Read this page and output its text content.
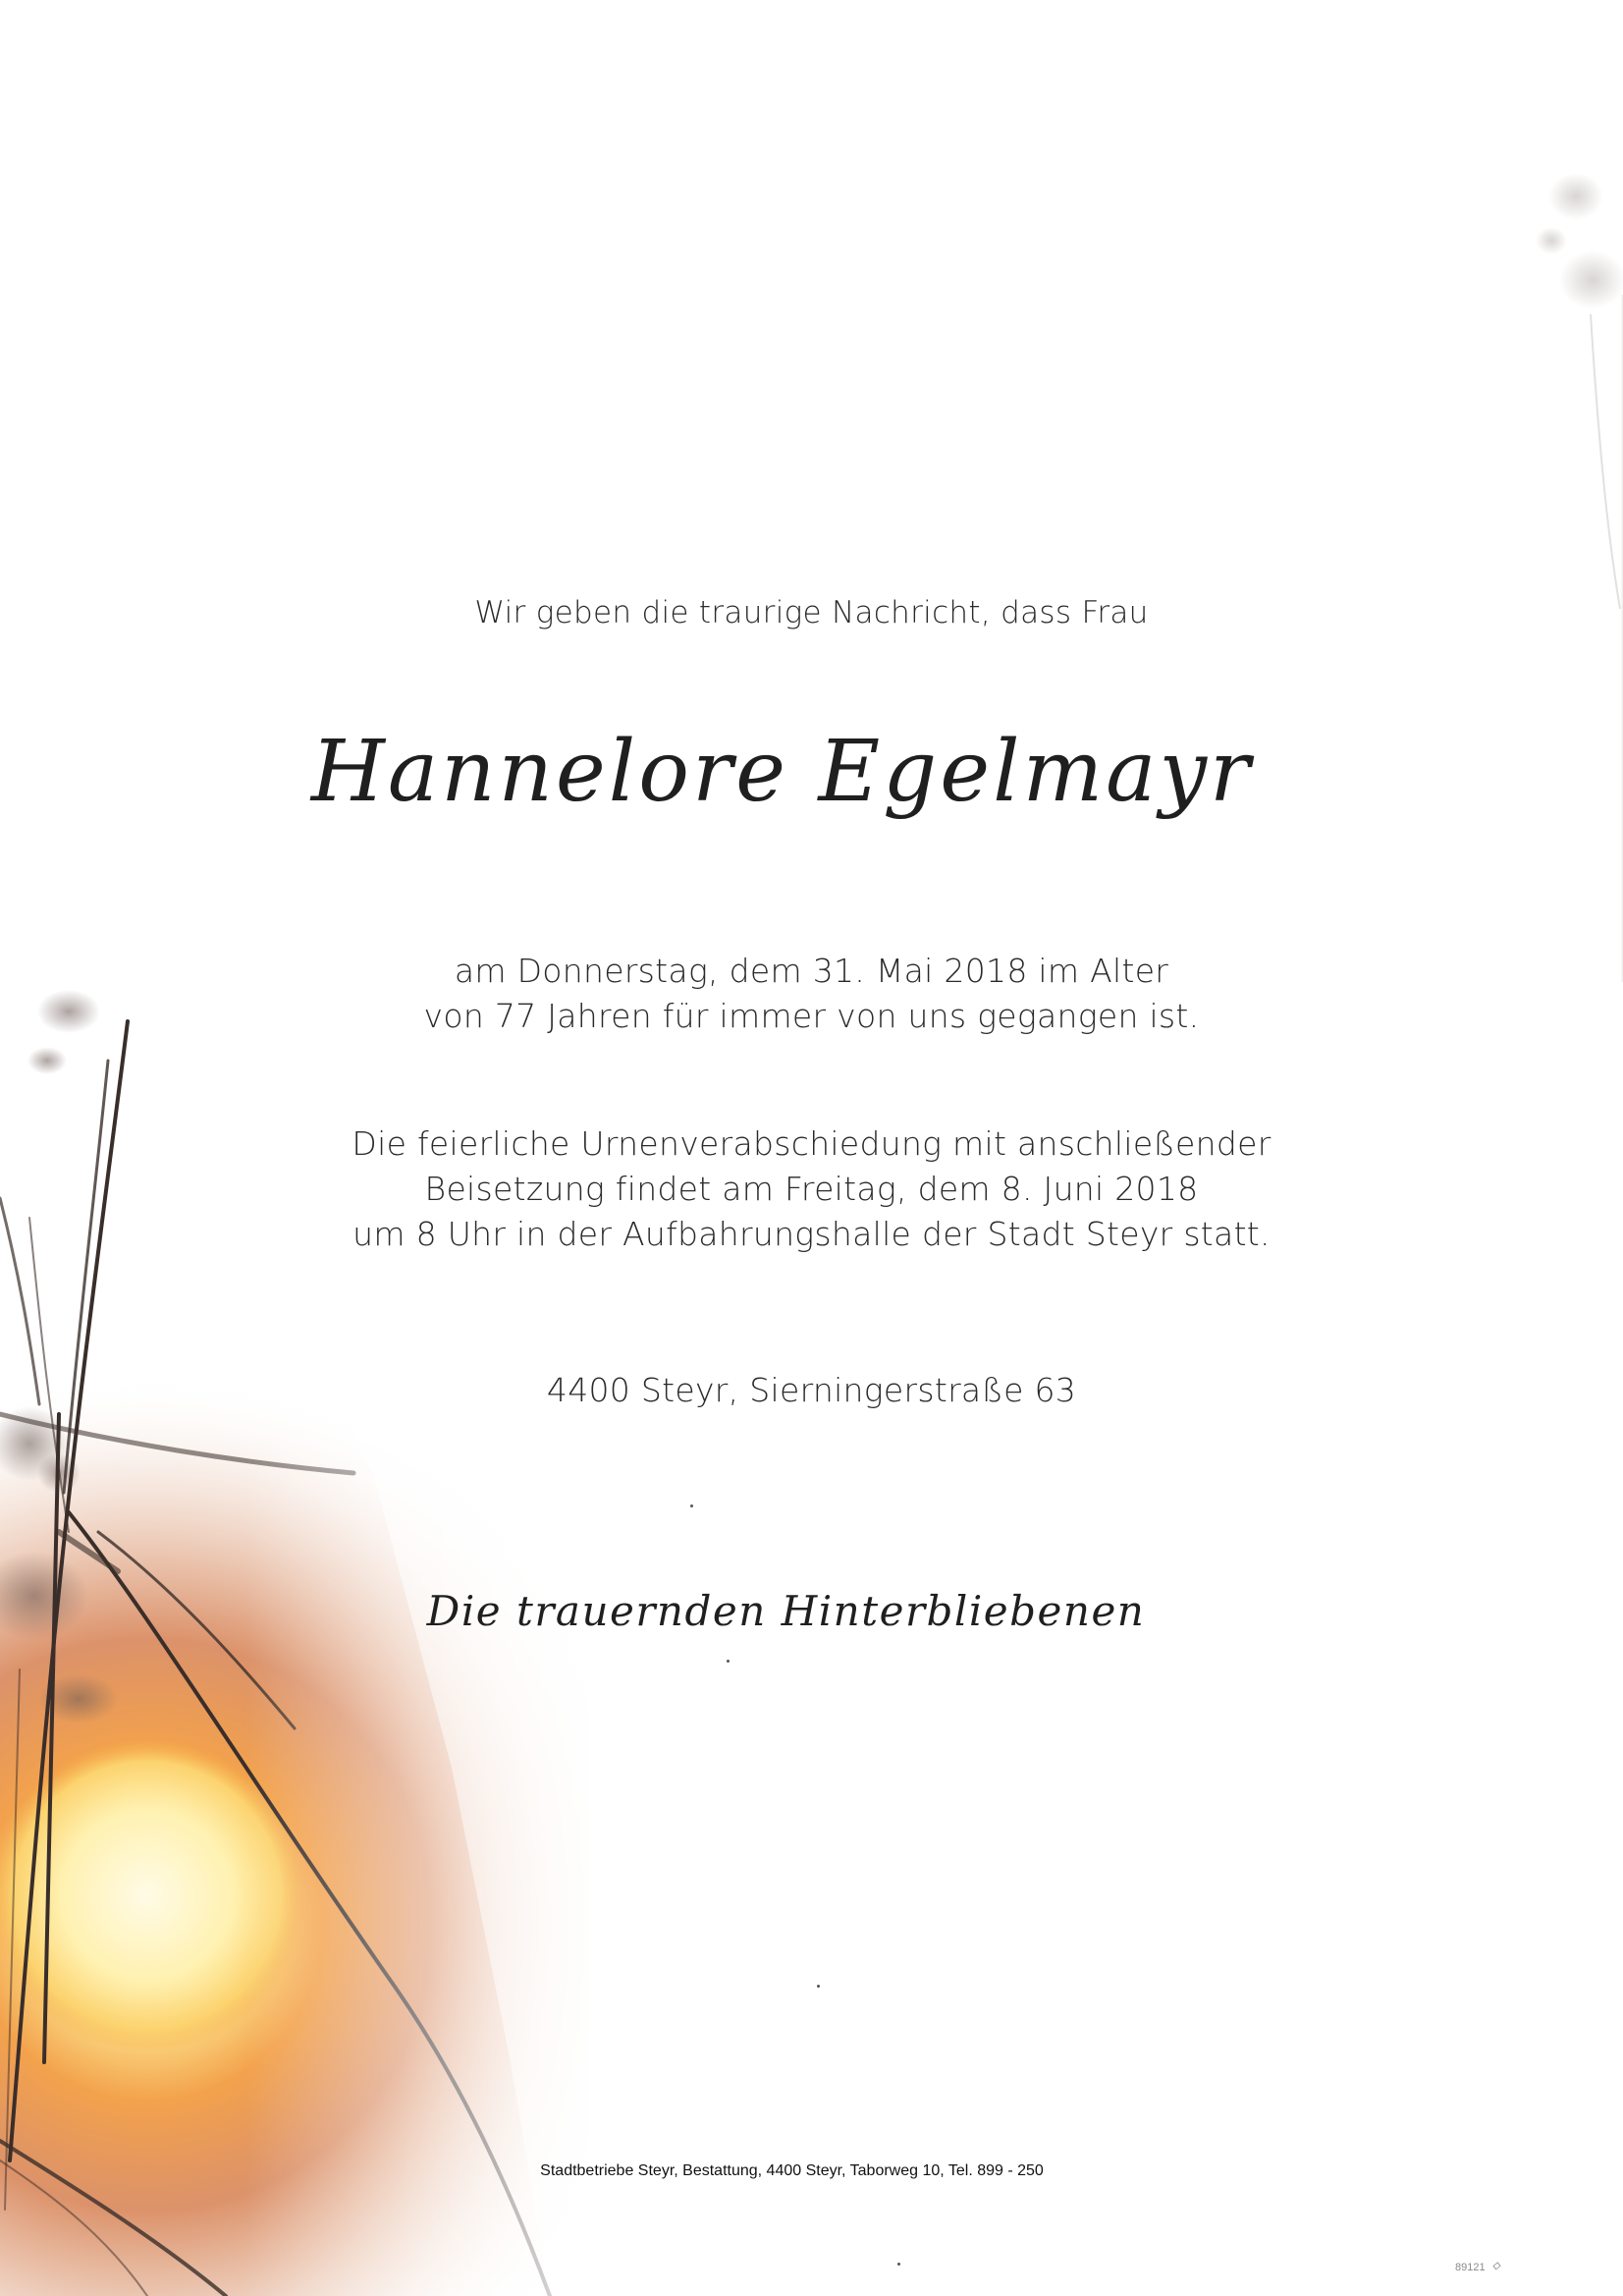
Wir geben die traurige Nachricht, dass Frau
Hannelore Egelmayr
am Donnerstag, dem 31. Mai 2018 im Alter
von 77 Jahren für immer von uns gegangen ist.
Die feierliche Urnenverabschiedung mit anschließender
Beisetzung findet am Freitag, dem 8. Juni 2018
um 8 Uhr in der Aufbahrungshalle der Stadt Steyr statt.
4400 Steyr, Sierningerstraße 63
Die trauernden Hinterbliebenen
Stadtbetriebe Steyr, Bestattung, 4400 Steyr, Taborweg 10, Tel. 899 - 250
89121 ◇
